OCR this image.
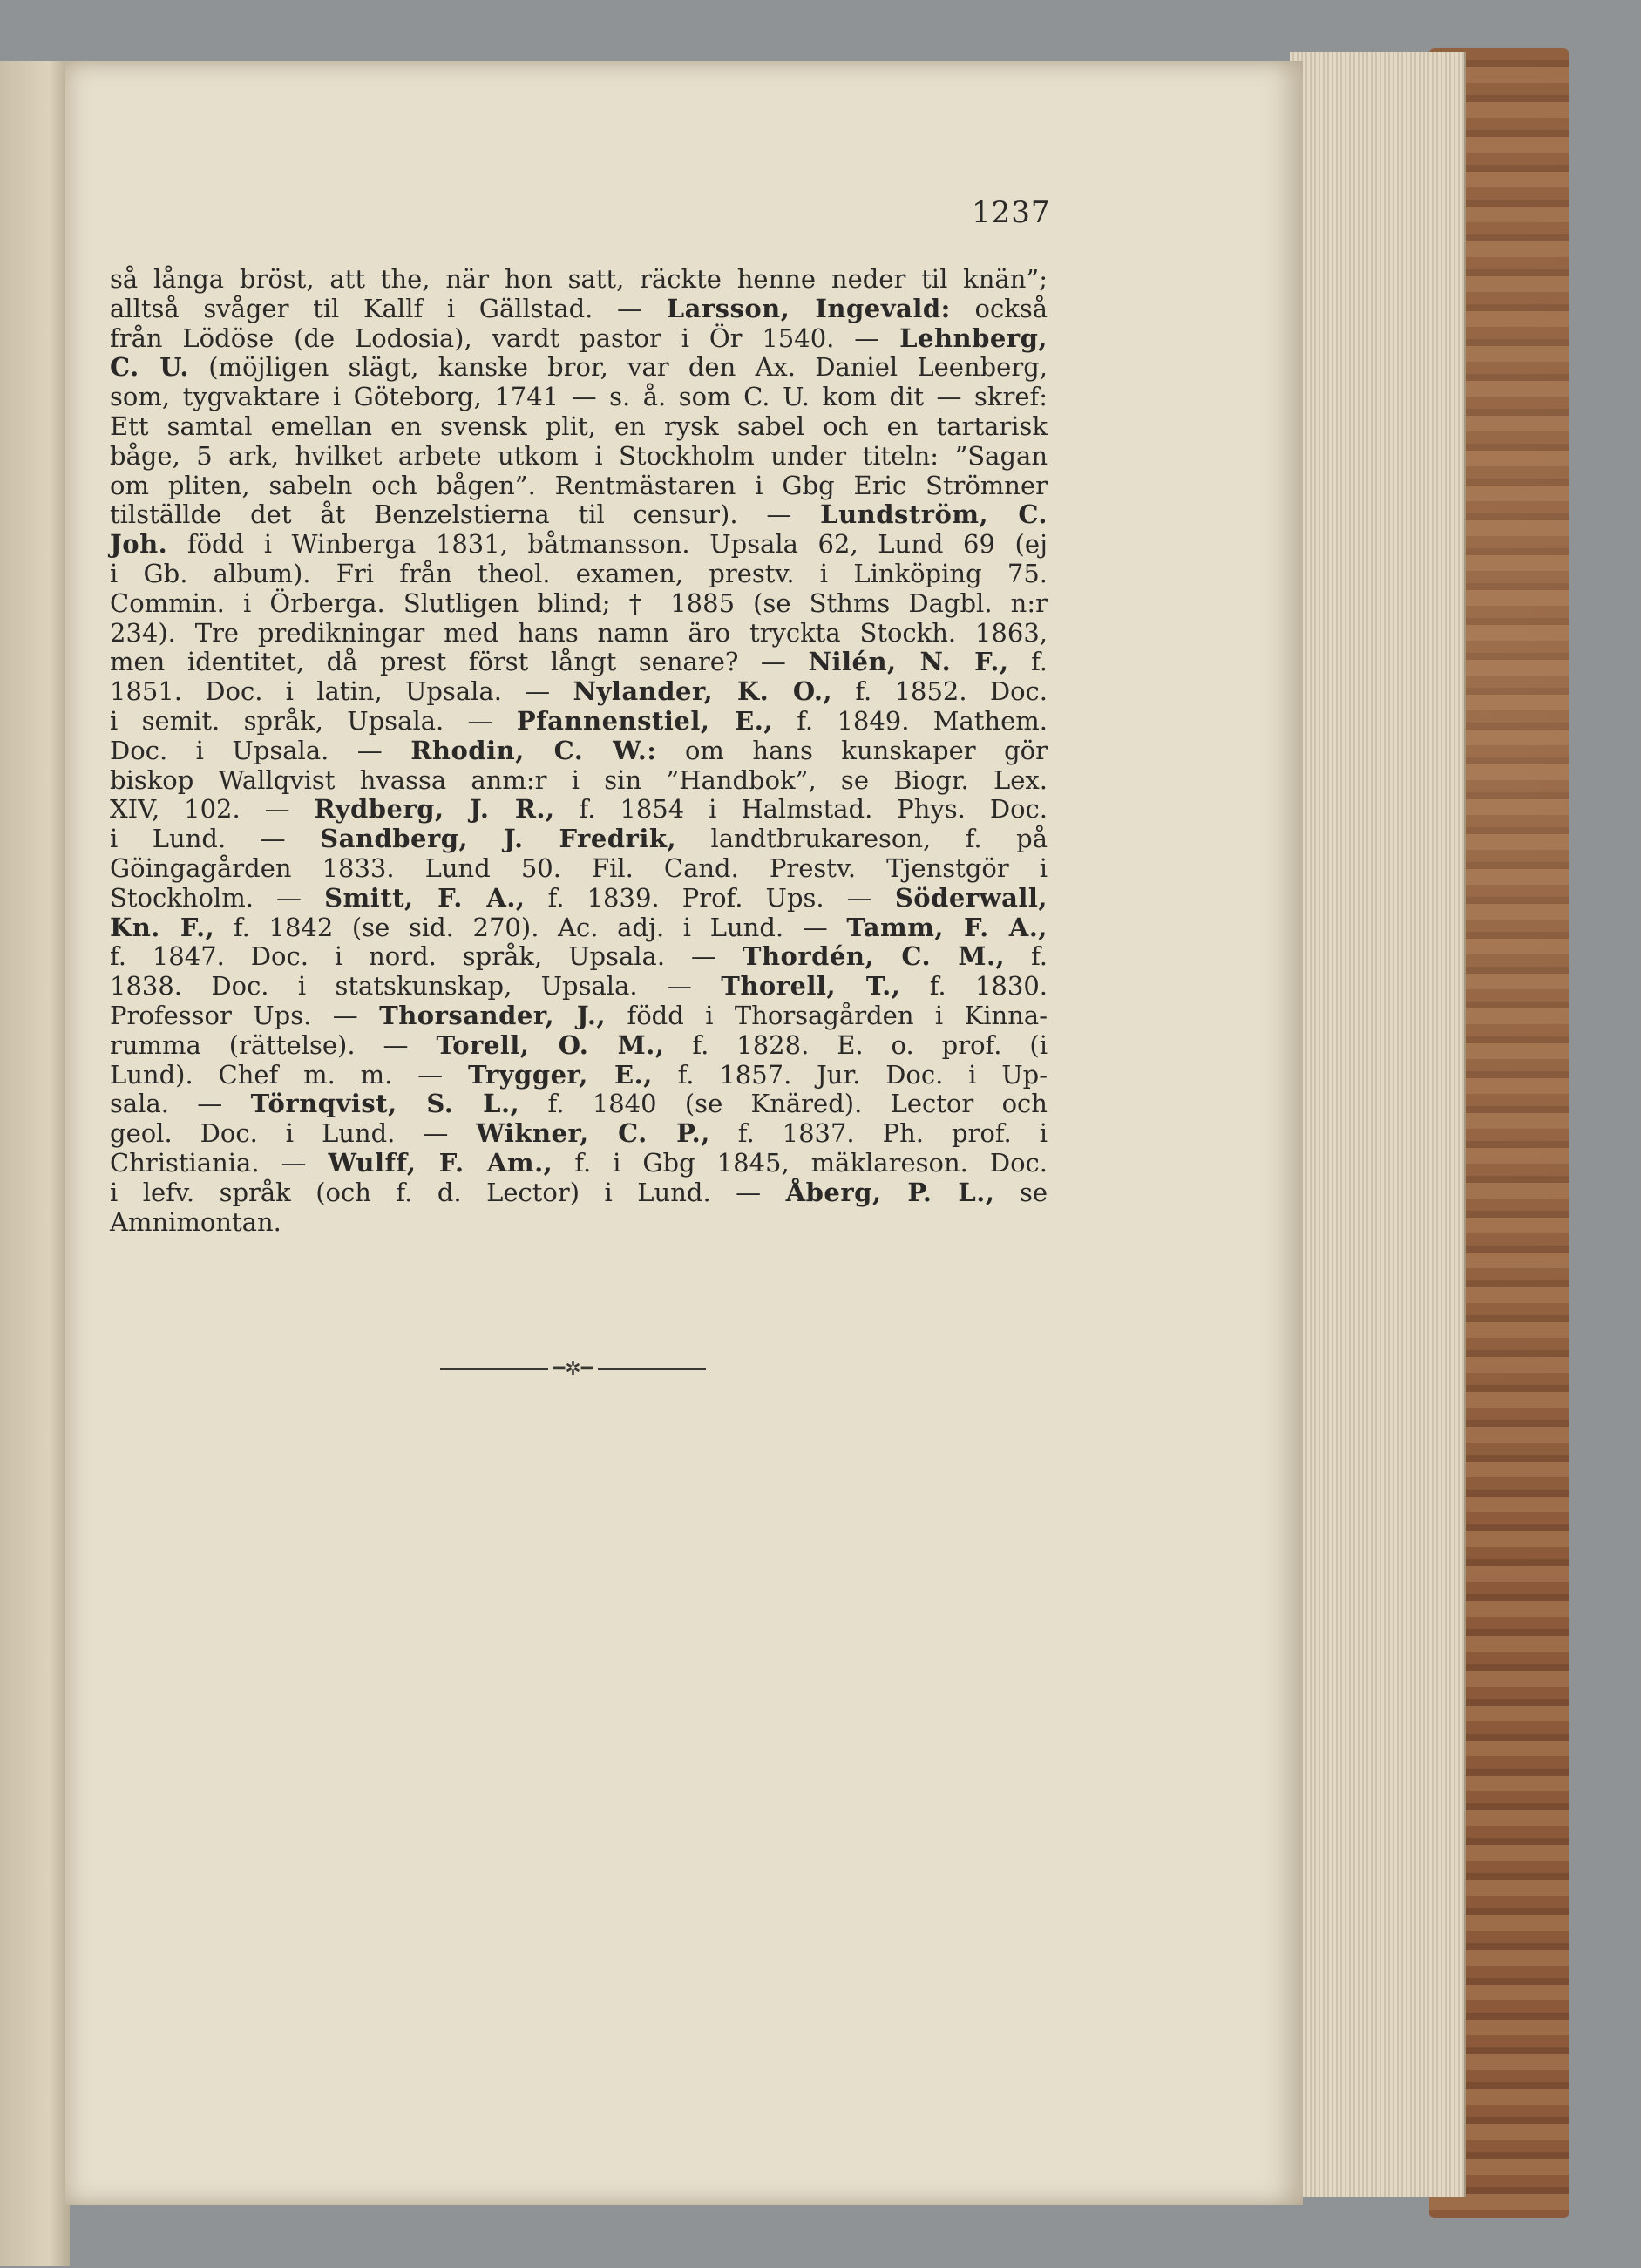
1237
så långa bröst, att the, när hon satt, räckte henne neder til knän”;
alltså svåger til Kallf i Gällstad. — Larsson, Ingevald: också
från Lödöse (de Lodosia), vardt pastor i Ör 1540. — Lehnberg,
C. U. (möjligen slägt, kanske bror, var den Ax. Daniel Leenberg,
som, tygvaktare i Göteborg, 1741 — s. å. som C. U. kom dit — skref:
Ett samtal emellan en svensk plit, en rysk sabel och en tartarisk
båge, 5 ark, hvilket arbete utkom i Stockholm under titeln: ”Sagan
om pliten, sabeln och bågen”. Rentmästaren i Gbg Eric Strömner
tilställde det åt Benzelstierna til censur). — Lundström, C.
Joh. född i Winberga 1831, båtmansson. Upsala 62, Lund 69 (ej
i Gb. album). Fri från theol. examen, prestv. i Linköping 75.
Commin. i Örberga. Slutligen blind; † 1885 (se Sthms Dagbl. n:r
234). Tre predikningar med hans namn äro tryckta Stockh. 1863,
men identitet, då prest först långt senare? — Nilén, N. F., f.
1851. Doc. i latin, Upsala. — Nylander, K. O., f. 1852. Doc.
i semit. språk, Upsala. — Pfannenstiel, E., f. 1849. Mathem.
Doc. i Upsala. — Rhodin, C. W.: om hans kunskaper gör
biskop Wallqvist hvassa anm:r i sin ”Handbok”, se Biogr. Lex.
XIV, 102. — Rydberg, J. R., f. 1854 i Halmstad. Phys. Doc.
i Lund. — Sandberg, J. Fredrik, landtbrukareson, f. på
Göingagården 1833. Lund 50. Fil. Cand. Prestv. Tjenstgör i
Stockholm. — Smitt, F. A., f. 1839. Prof. Ups. — Söderwall,
Kn. F., f. 1842 (se sid. 270). Ac. adj. i Lund. — Tamm, F. A.,
f. 1847. Doc. i nord. språk, Upsala. — Thordén, C. M., f.
1838. Doc. i statskunskap, Upsala. — Thorell, T., f. 1830.
Professor Ups. — Thorsander, J., född i Thorsagården i Kinna-
rumma (rättelse). — Torell, O. M., f. 1828. E. o. prof. (i
Lund). Chef m. m. — Trygger, E., f. 1857. Jur. Doc. i Up-
sala. — Törnqvist, S. L., f. 1840 (se Knäred). Lector och
geol. Doc. i Lund. — Wikner, C. P., f. 1837. Ph. prof. i
Christiania. — Wulff, F. Am., f. i Gbg 1845, mäklareson. Doc.
i lefv. språk (och f. d. Lector) i Lund. — Åberg, P. L., se
Amnimontan.
━✲━
